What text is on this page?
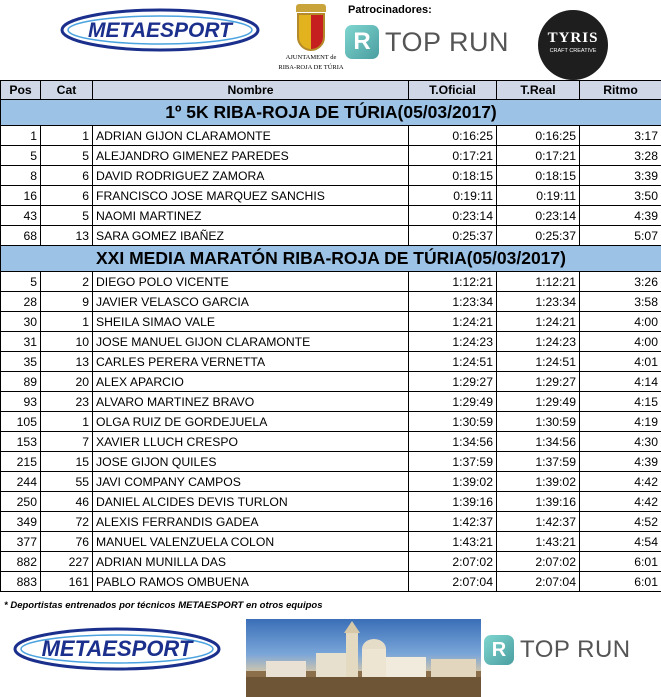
METAESPORT
AJUNTAMENT de
RIBA-ROJA DE TÚRIA
Patrocinadores:
R TOP RUN	TYRIS
CRAFT CREATIVE
Pos	Cat	Nombre	T.Oficial	T.Real	Ritmo
1º 5K RIBA-ROJA DE TÚRIA(05/03/2017)					
1	1	ADRIAN GIJON CLARAMONTE	0:16:25	0:16:25	3:17
5	5	ALEJANDRO GIMENEZ PAREDES	0:17:21	0:17:21	3:28
8	6	DAVID RODRIGUEZ ZAMORA	0:18:15	0:18:15	3:39
16	6	FRANCISCO JOSE MARQUEZ SANCHIS	0:19:11	0:19:11	3:50
43	5	NAOMI MARTINEZ	0:23:14	0:23:14	4:39
68	13	SARA GOMEZ IBAÑEZ	0:25:37	0:25:37	5:07
XXI MEDIA MARATÓN RIBA-ROJA DE TÚRIA(05/03/2017)					
5	2	DIEGO POLO VICENTE	1:12:21	1:12:21	3:26
28	9	JAVIER VELASCO GARCIA	1:23:34	1:23:34	3:58
30	1	SHEILA SIMAO VALE	1:24:21	1:24:21	4:00
31	10	JOSE MANUEL GIJON CLARAMONTE	1:24:23	1:24:23	4:00
35	13	CARLES PERERA VERNETTA	1:24:51	1:24:51	4:01
89	20	ALEX APARCIO	1:29:27	1:29:27	4:14
93	23	ALVARO MARTINEZ BRAVO	1:29:49	1:29:49	4:15
105	1	OLGA RUIZ DE GORDEJUELA	1:30:59	1:30:59	4:19
153	7	XAVIER LLUCH CRESPO	1:34:56	1:34:56	4:30
215	15	JOSE GIJON QUILES	1:37:59	1:37:59	4:39
244	55	JAVI COMPANY CAMPOS	1:39:02	1:39:02	4:42
250	46	DANIEL ALCIDES DEVIS TURLON	1:39:16	1:39:16	4:42
349	72	ALEXIS FERRANDIS GADEA	1:42:37	1:42:37	4:52
377	76	MANUEL VALENZUELA COLON	1:43:21	1:43:21	4:54
882	227	ADRIAN MUNILLA DAS	2:07:02	2:07:02	6:01
883	161	PABLO RAMOS OMBUENA	2:07:04	2:07:04	6:01
* Deportistas entrenados por técnicos METAESPORT en otros equipos
METAESPORT	R TOP RUN
